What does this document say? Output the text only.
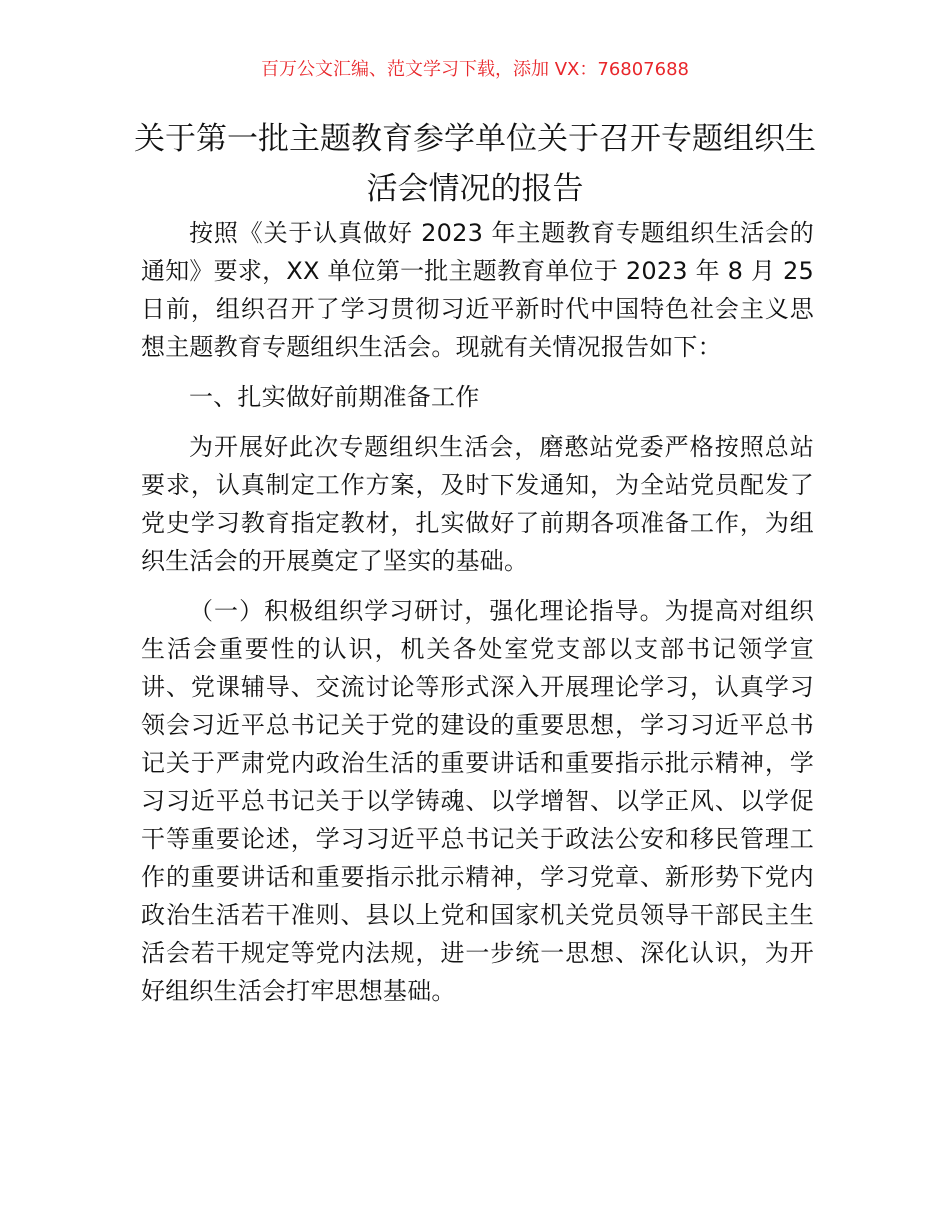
百万公文汇编、范文学习下载，添加 VX：76807688
关于第一批主题教育参学单位关于召开专题组织生活会情况的报告

按照《关于认真做好 2023 年主题教育专题组织生活会的通知》要求，XX 单位第一批主题教育单位于 2023 年 8 月 25 日前，组织召开了学习贯彻习近平新时代中国特色社会主义思想主题教育专题组织生活会。现就有关情况报告如下：

一、扎实做好前期准备工作

为开展好此次专题组织生活会，磨憨站党委严格按照总站要求，认真制定工作方案，及时下发通知，为全站党员配发了党史学习教育指定教材，扎实做好了前期各项准备工作，为组织生活会的开展奠定了坚实的基础。

（一）积极组织学习研讨，强化理论指导。为提高对组织生活会重要性的认识，机关各处室党支部以支部书记领学宣讲、党课辅导、交流讨论等形式深入开展理论学习，认真学习领会习近平总书记关于党的建设的重要思想，学习习近平总书记关于严肃党内政治生活的重要讲话和重要指示批示精神，学习习近平总书记关于以学铸魂、以学增智、以学正风、以学促干等重要论述，学习习近平总书记关于政法公安和移民管理工作的重要讲话和重要指示批示精神，学习党章、新形势下党内政治生活若干准则、县以上党和国家机关党员领导干部民主生活会若干规定等党内法规，进一步统一思想、深化认识，为开好组织生活会打牢思想基础。
